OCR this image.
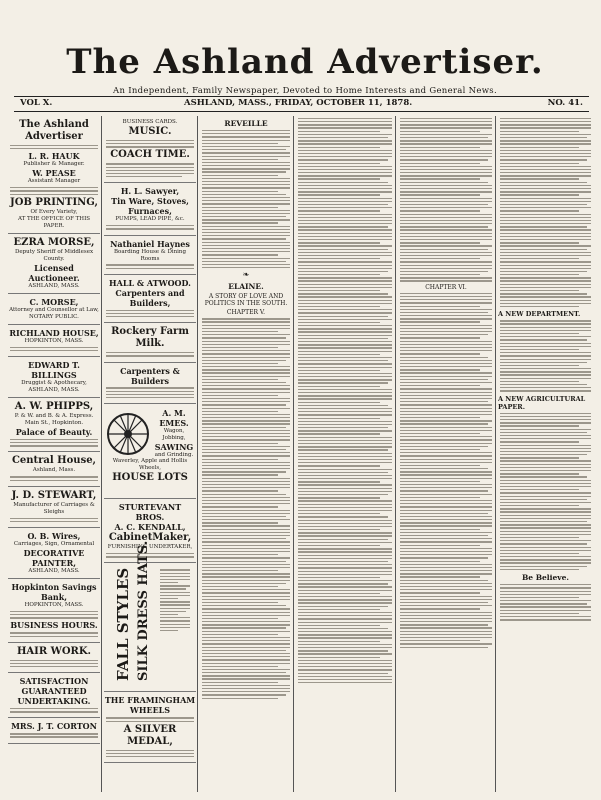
The Ashland Advertiser.
An Independent, Family Newspaper, Devoted to Home Interests and General News.
VOL X.	ASHLAND, MASS., FRIDAY, OCTOBER 11, 1878.	NO. 41.
The Ashland Advertiser
L. R. HAUK
Publisher & Manager.
W. PEASE
Assistant Manager
JOB PRINTING,
Of Every Variety,
AT THE OFFICE OF THIS PAPER.
EZRA MORSE,
Deputy Sheriff of Middlesex County.
Licensed Auctioneer.
ASHLAND, MASS.
C. MORSE,
Attorney and Counsellor at Law,
NOTARY PUBLIC.
RICHLAND HOUSE,
HOPKINTON, MASS.
EDWARD T. BILLINGS
Druggist & Apothecary,
ASHLAND, MASS.
A. W. PHIPPS,
P. & W. and B. & A. Express.
Main St., Hopkinton.
Palace of Beauty.
Central House,
Ashland, Mass.
J. D. STEWART,
Manufacturer of Carriages & Sleighs
O. B. Wires,
Carriages, Sign, Ornamental
DECORATIVE PAINTER,
ASHLAND, MASS.
Hopkinton Savings Bank,
HOPKINTON, MASS.
BUSINESS HOURS.
HAIR WORK.
SATISFACTION GUARANTEED
UNDERTAKING.
MRS. J. T. CORTON
BUSINESS CARDS.
MUSIC.
COACH TIME.
H. L. Sawyer,
Tin Ware, Stoves, Furnaces,
PUMPS, LEAD PIPE, &c.
Nathaniel Haynes
Boarding House & Dining Rooms
HALL & ATWOOD.
Carpenters and Builders,
Rockery Farm Milk.
Carpenters & Builders
A. M. EMES.
Wagon,
Jobbing,
SAWING
and Grinding.
Waverley, Apple and Hollis Wheels,
HOUSE LOTS
STURTEVANT BROS.
A. C. KENDALL,
CabinetMaker,
FURNISHING UNDERTAKER,
FALL STYLES SILK DRESS HATS.
THE FRAMINGHAM WHEELS
A SILVER MEDAL,
REVEILLE
❧
ELAINE.
A STORY OF LOVE AND POLITICS IN THE SOUTH.
CHAPTER V.
CHAPTER VI.
A NEW DEPARTMENT.
A NEW AGRICULTURAL PAPER.
Be Believe.
